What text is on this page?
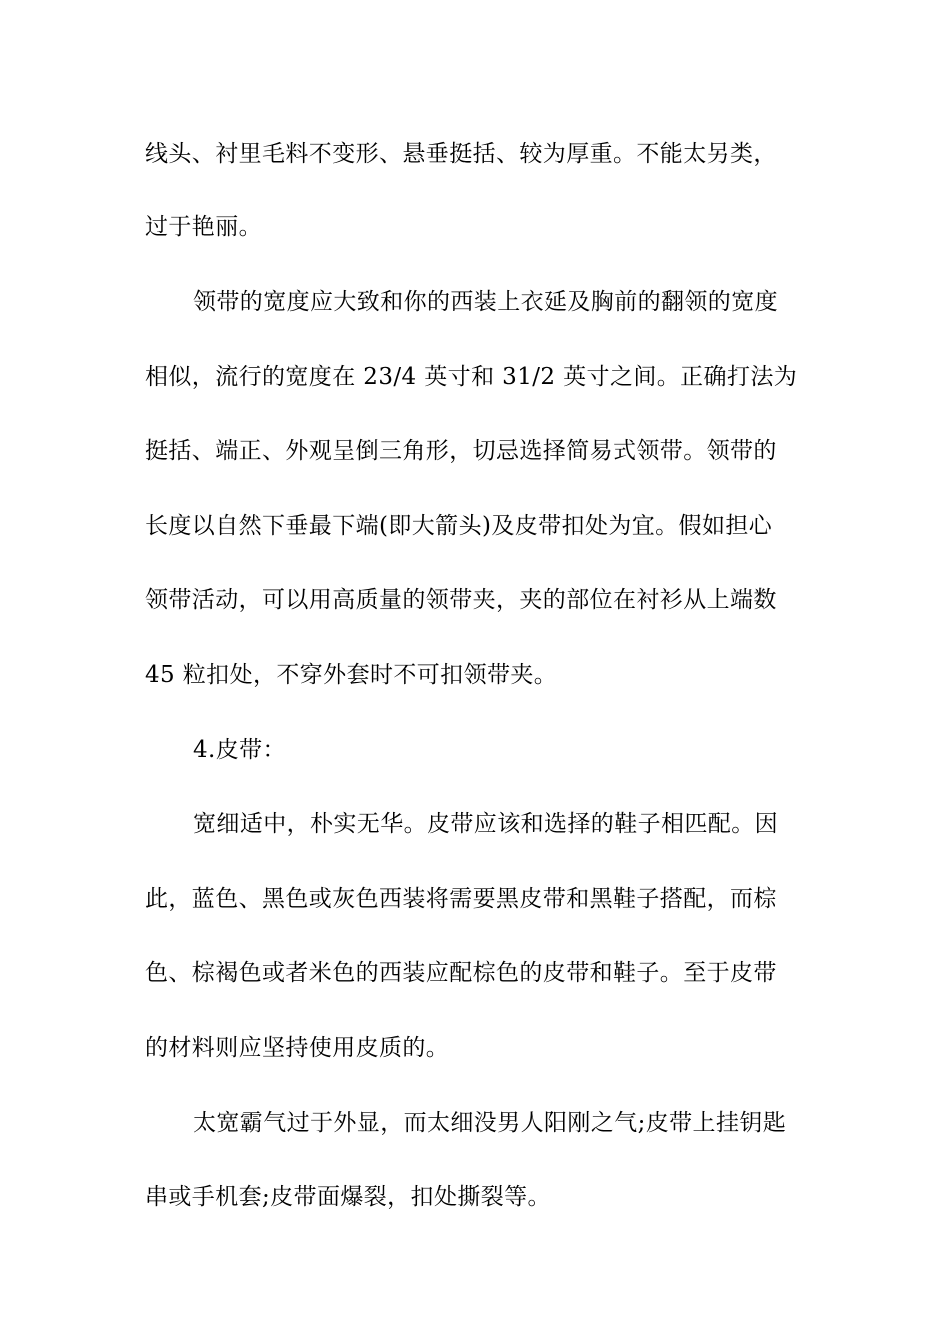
线头、衬里毛料不变形、悬垂挺括、较为厚重。不能太另类，
过于艳丽。
领带的宽度应大致和你的西装上衣延及胸前的翻领的宽度
相似，流行的宽度在 23/4 英寸和 31/2 英寸之间。正确打法为
挺括、端正、外观呈倒三角形，切忌选择简易式领带。领带的
长度以自然下垂最下端(即大箭头)及皮带扣处为宜。假如担心
领带活动，可以用高质量的领带夹，夹的部位在衬衫从上端数
45 粒扣处，不穿外套时不可扣领带夹。
4.皮带：
宽细适中，朴实无华。皮带应该和选择的鞋子相匹配。因
此，蓝色、黑色或灰色西装将需要黑皮带和黑鞋子搭配，而棕
色、棕褐色或者米色的西装应配棕色的皮带和鞋子。至于皮带
的材料则应坚持使用皮质的。
太宽霸气过于外显，而太细没男人阳刚之气;皮带上挂钥匙
串或手机套;皮带面爆裂，扣处撕裂等。
